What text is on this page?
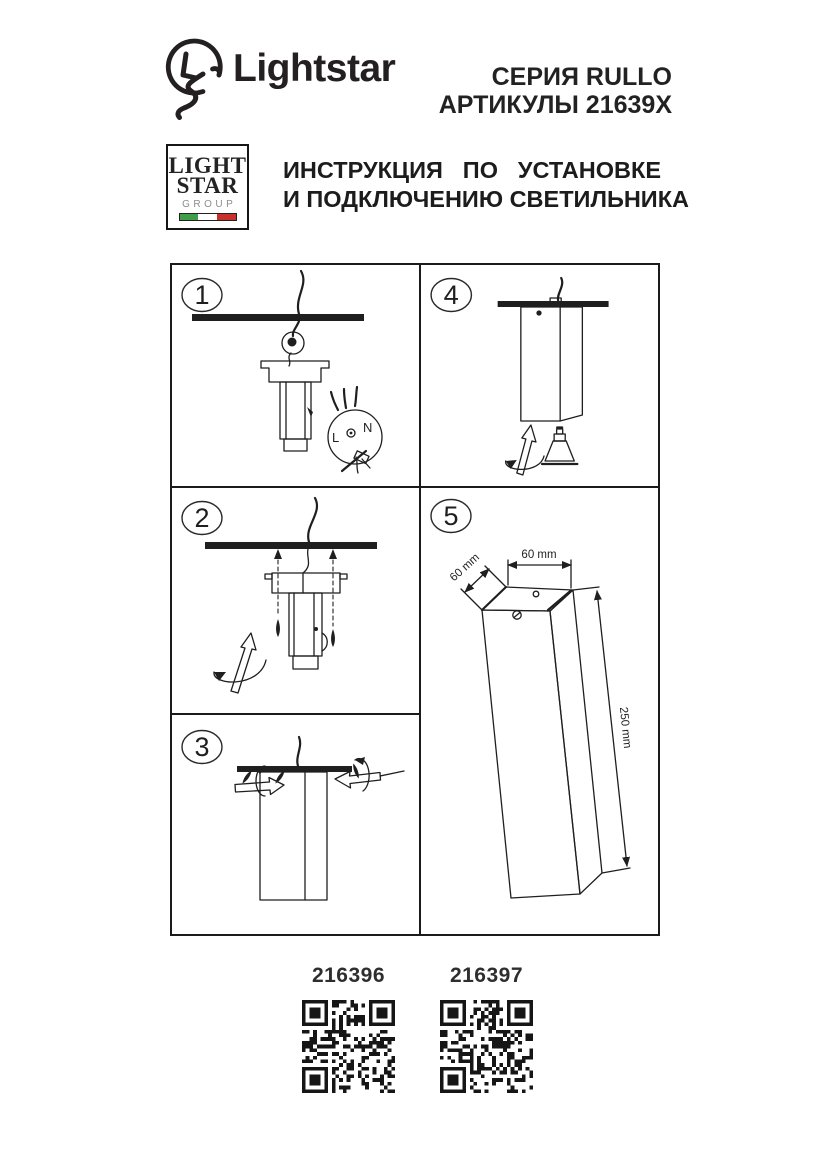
Lightstar	СЕРИЯ RULLO
АРТИКУЛЫ 21639X
LIGHT
STAR
GROUP
ИНСТРУКЦИЯ ПО УСТАНОВКЕ
И ПОДКЛЮЧЕНИЮ СВЕТИЛЬНИКА
1
L
N
2
3
4
5
60 mm
60 mm
250 mm
216396	216397
